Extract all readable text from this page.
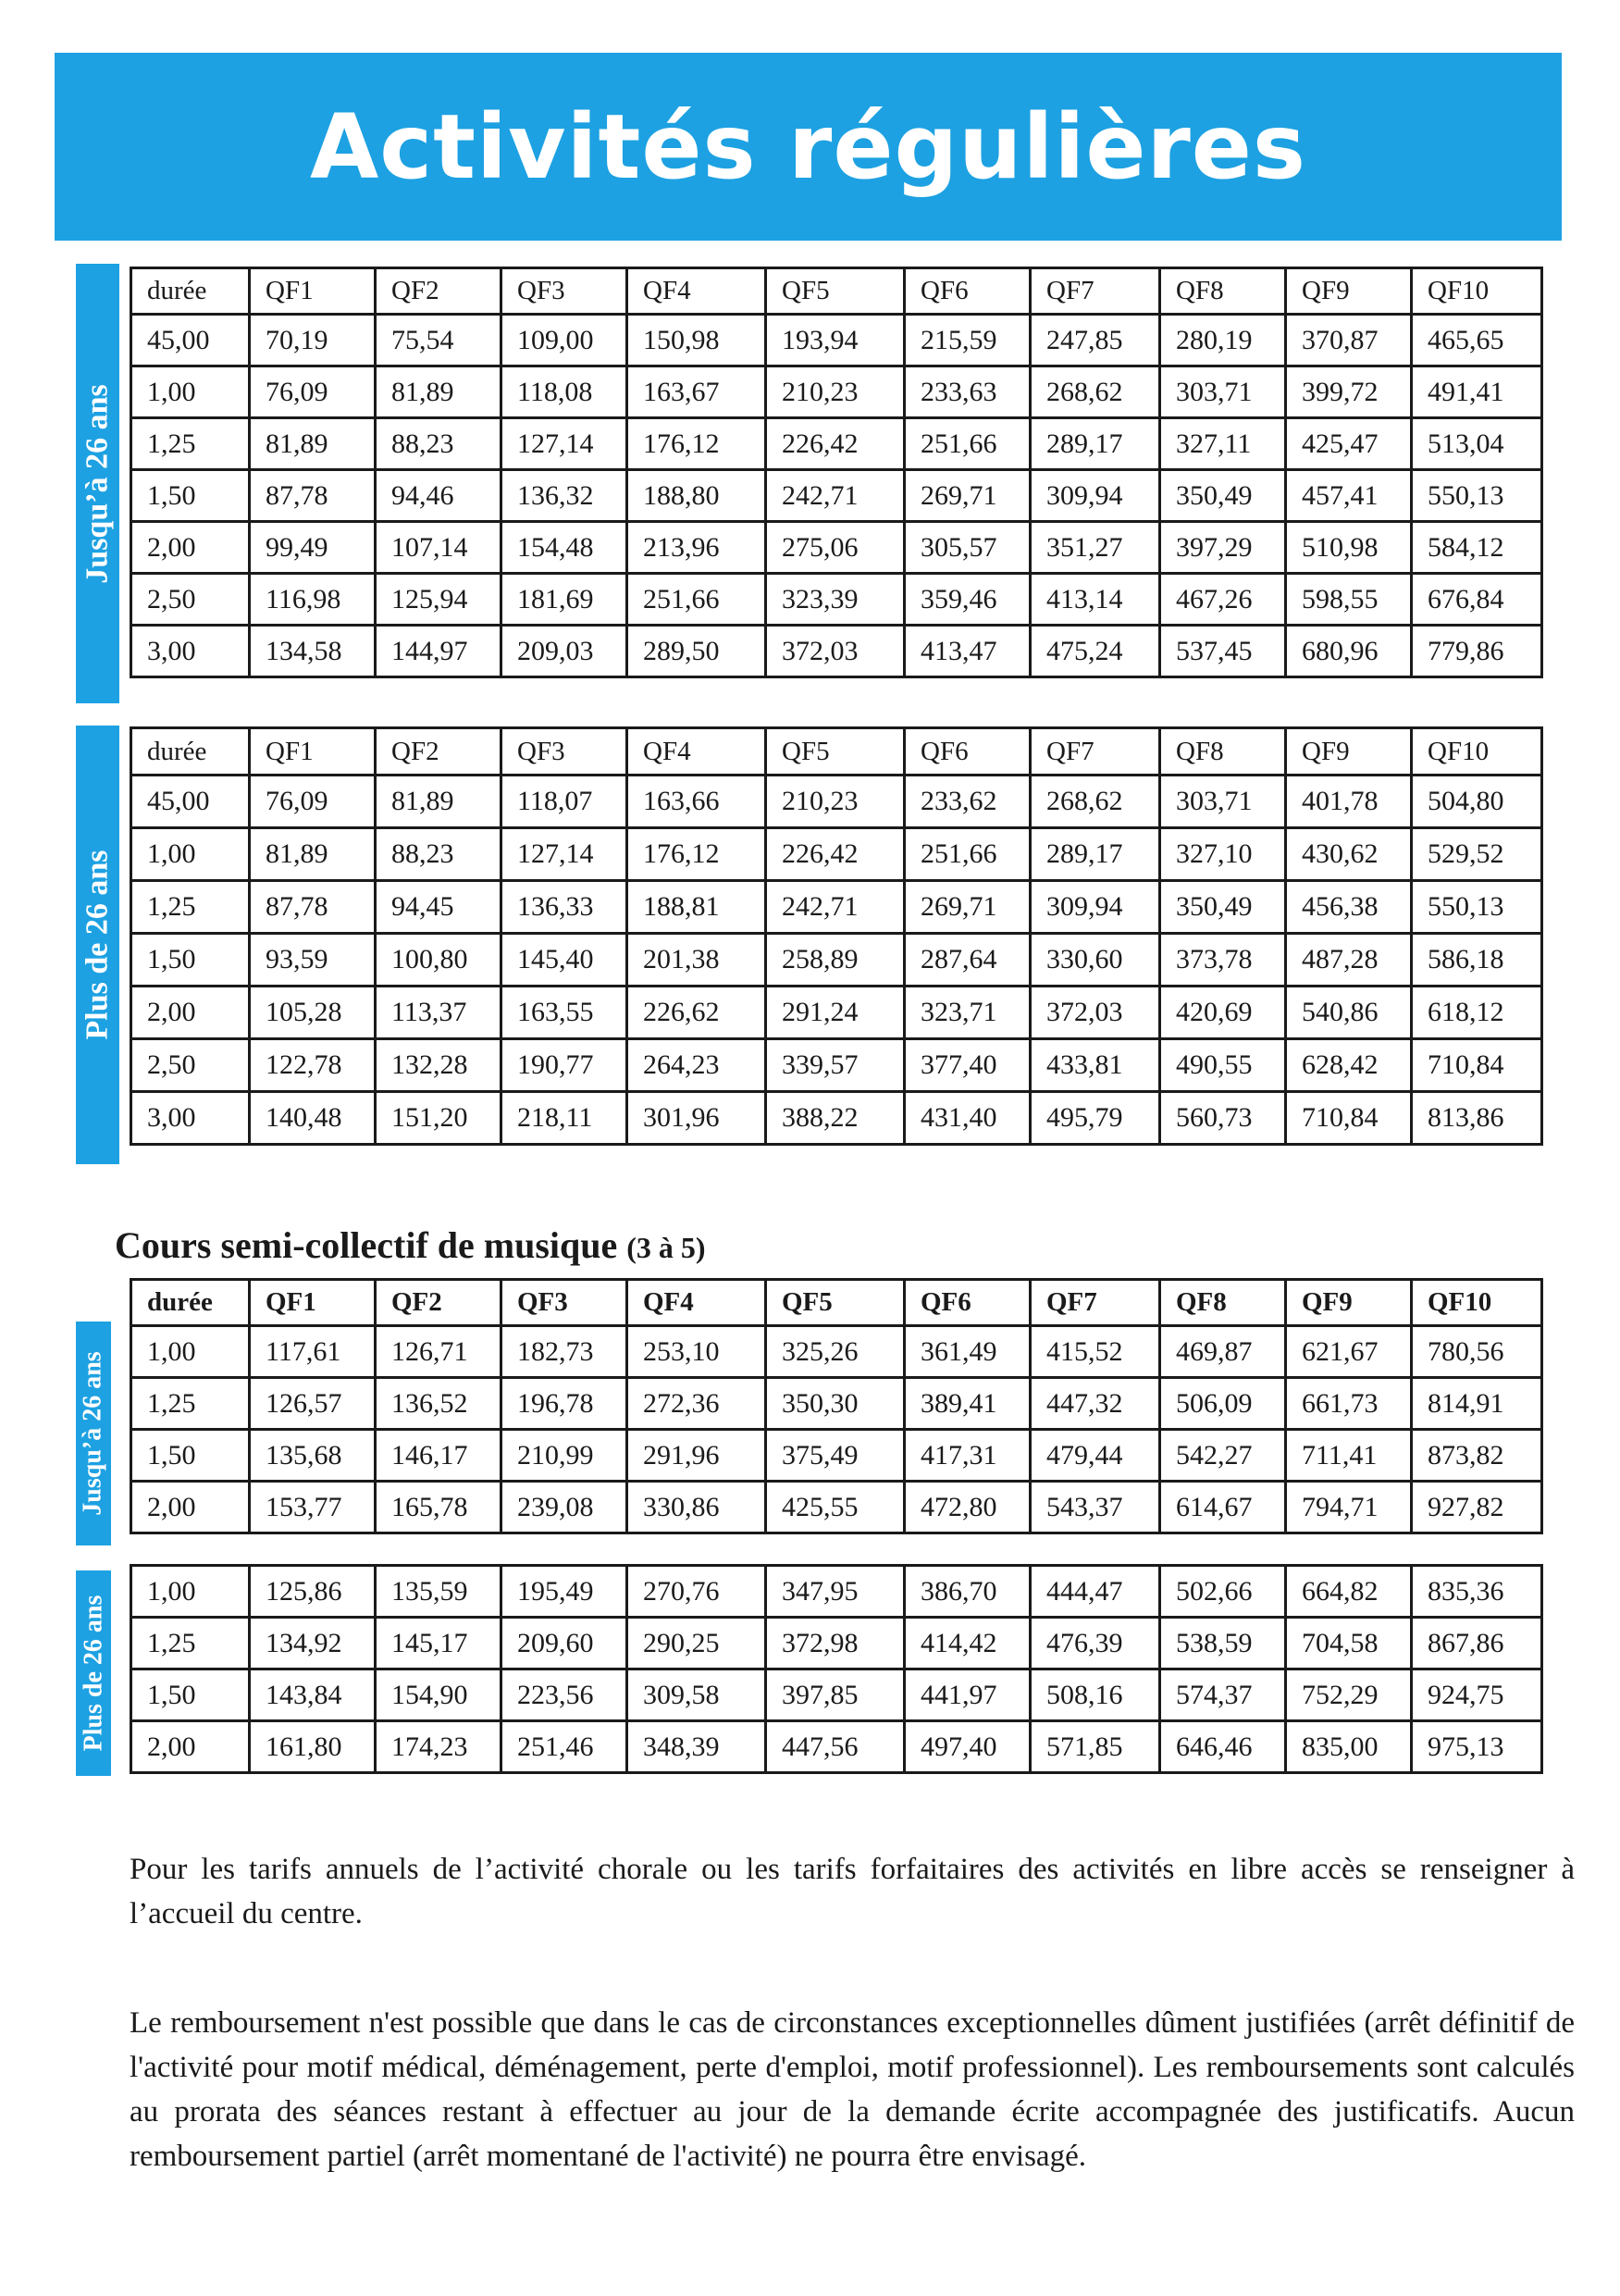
Activités régulières
Jusqu’à 26 ans
durée	QF1	QF2	QF3	QF4	QF5	QF6	QF7	QF8	QF9	QF10
45,00	70,19	75,54	109,00	150,98	193,94	215,59	247,85	280,19	370,87	465,65
1,00	76,09	81,89	118,08	163,67	210,23	233,63	268,62	303,71	399,72	491,41
1,25	81,89	88,23	127,14	176,12	226,42	251,66	289,17	327,11	425,47	513,04
1,50	87,78	94,46	136,32	188,80	242,71	269,71	309,94	350,49	457,41	550,13
2,00	99,49	107,14	154,48	213,96	275,06	305,57	351,27	397,29	510,98	584,12
2,50	116,98	125,94	181,69	251,66	323,39	359,46	413,14	467,26	598,55	676,84
3,00	134,58	144,97	209,03	289,50	372,03	413,47	475,24	537,45	680,96	779,86
Plus de 26 ans
durée	QF1	QF2	QF3	QF4	QF5	QF6	QF7	QF8	QF9	QF10
45,00	76,09	81,89	118,07	163,66	210,23	233,62	268,62	303,71	401,78	504,80
1,00	81,89	88,23	127,14	176,12	226,42	251,66	289,17	327,10	430,62	529,52
1,25	87,78	94,45	136,33	188,81	242,71	269,71	309,94	350,49	456,38	550,13
1,50	93,59	100,80	145,40	201,38	258,89	287,64	330,60	373,78	487,28	586,18
2,00	105,28	113,37	163,55	226,62	291,24	323,71	372,03	420,69	540,86	618,12
2,50	122,78	132,28	190,77	264,23	339,57	377,40	433,81	490,55	628,42	710,84
3,00	140,48	151,20	218,11	301,96	388,22	431,40	495,79	560,73	710,84	813,86
Cours semi-collectif de musique (3 à 5)
Jusqu’à 26 ans
durée	QF1	QF2	QF3	QF4	QF5	QF6	QF7	QF8	QF9	QF10
1,00	117,61	126,71	182,73	253,10	325,26	361,49	415,52	469,87	621,67	780,56
1,25	126,57	136,52	196,78	272,36	350,30	389,41	447,32	506,09	661,73	814,91
1,50	135,68	146,17	210,99	291,96	375,49	417,31	479,44	542,27	711,41	873,82
2,00	153,77	165,78	239,08	330,86	425,55	472,80	543,37	614,67	794,71	927,82
Plus de 26 ans
1,00	125,86	135,59	195,49	270,76	347,95	386,70	444,47	502,66	664,82	835,36
1,25	134,92	145,17	209,60	290,25	372,98	414,42	476,39	538,59	704,58	867,86
1,50	143,84	154,90	223,56	309,58	397,85	441,97	508,16	574,37	752,29	924,75
2,00	161,80	174,23	251,46	348,39	447,56	497,40	571,85	646,46	835,00	975,13

Pour les tarifs annuels de l’activité chorale ou les tarifs forfaitaires des activités en libre accès se renseigner à l’accueil du centre.

Le remboursement n'est possible que dans le cas de circonstances exceptionnelles dûment justifiées (arrêt définitif de l'activité pour motif médical, déménagement, perte d'emploi, motif professionnel). Les remboursements sont calculés au prorata des séances restant à effectuer au jour de la demande écrite accompagnée des justificatifs. Aucun remboursement partiel (arrêt momentané de l'activité) ne pourra être envisagé.
